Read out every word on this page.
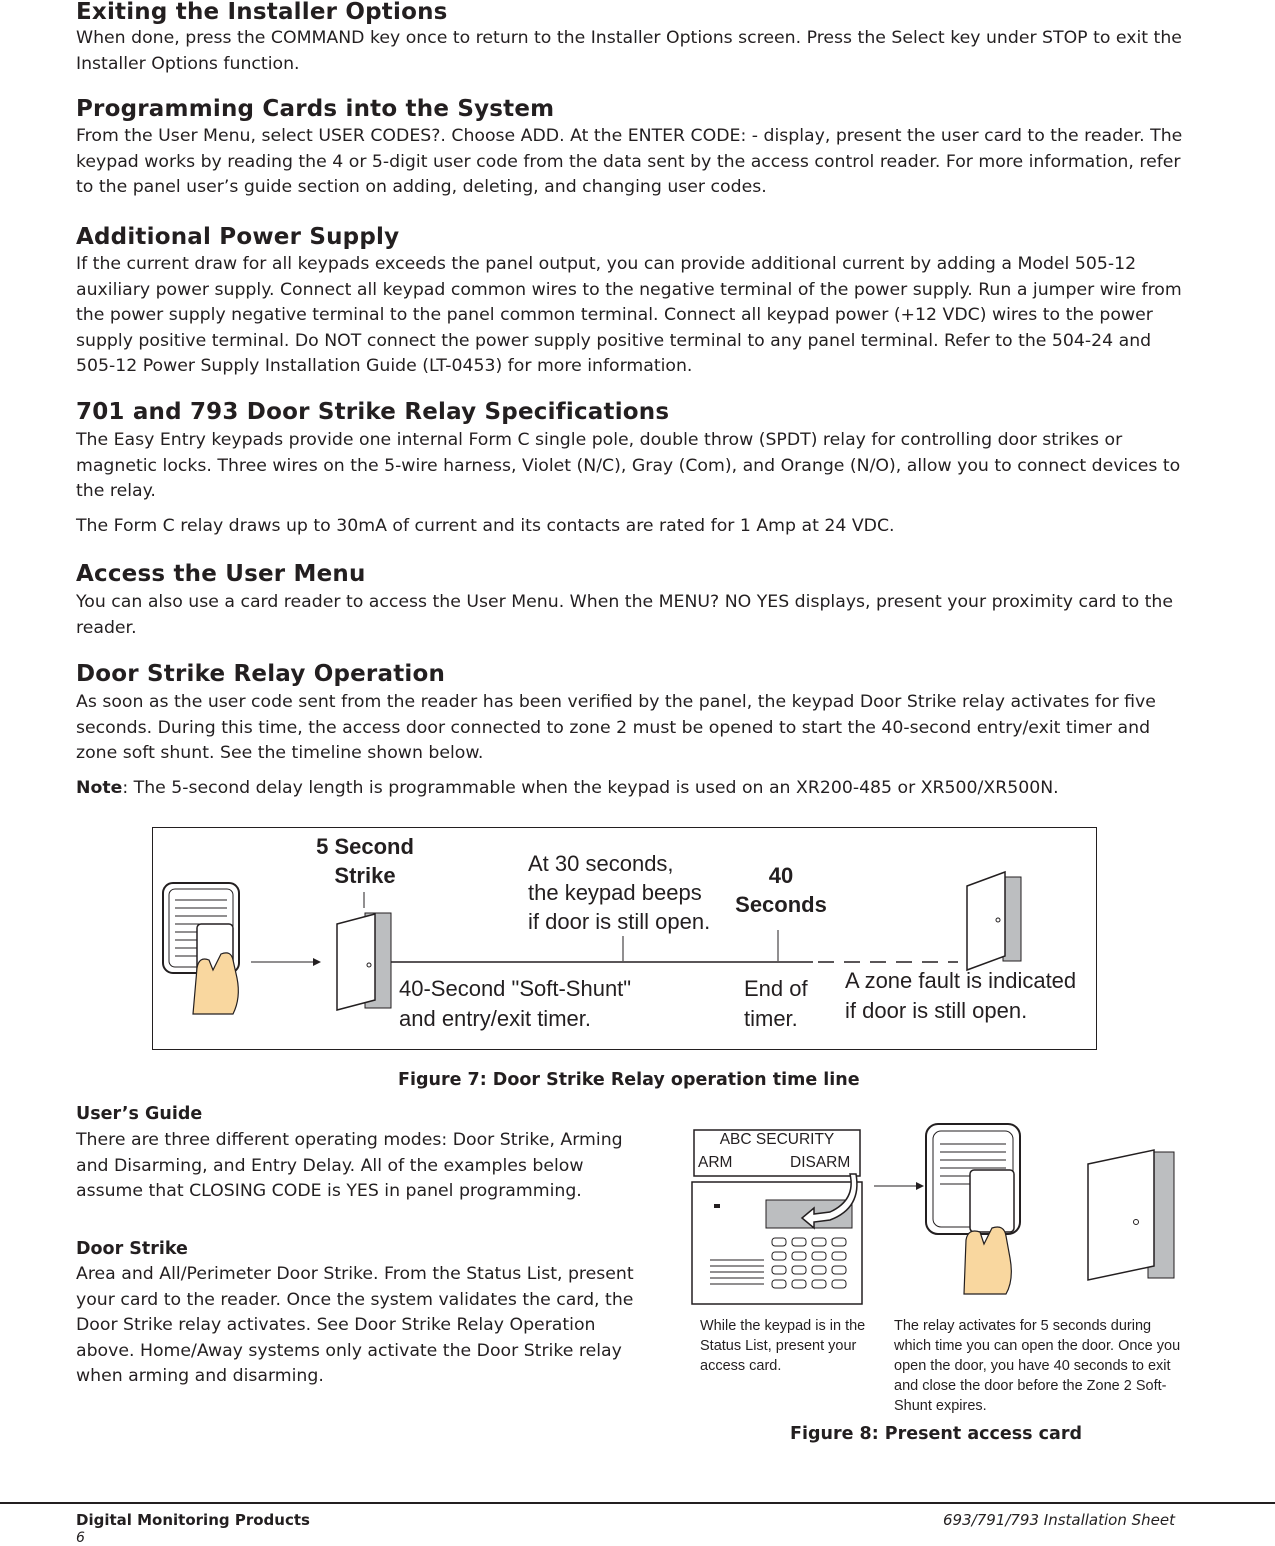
Exiting the Installer Options

When done, press the COMMAND key once to return to the Installer Options screen. Press the Select key under STOP to exit the Installer Options function.

Programming Cards into the System

From the User Menu, select USER CODES?. Choose ADD. At the ENTER CODE: - display, present the user card to the reader. The keypad works by reading the 4 or 5-digit user code from the data sent by the access control reader. For more information, refer to the panel user’s guide section on adding, deleting, and changing user codes.

Additional Power Supply

If the current draw for all keypads exceeds the panel output, you can provide additional current by adding a Model 505-12 auxiliary power supply. Connect all keypad common wires to the negative terminal of the power supply. Run a jumper wire from the power supply negative terminal to the panel common terminal. Connect all keypad power (+12 VDC) wires to the power supply positive terminal. Do NOT connect the power supply positive terminal to any panel terminal. Refer to the 504-24 and 505-12 Power Supply Installation Guide (LT-0453) for more information.

701 and 793 Door Strike Relay Specifications

The Easy Entry keypads provide one internal Form C single pole, double throw (SPDT) relay for controlling door strikes or magnetic locks. Three wires on the 5-wire harness, Violet (N/C), Gray (Com), and Orange (N/O), allow you to connect devices to the relay.

The Form C relay draws up to 30mA of current and its contacts are rated for 1 Amp at 24 VDC.

Access the User Menu

You can also use a card reader to access the User Menu. When the MENU? NO YES displays, present your proximity card to the reader.

Door Strike Relay Operation

As soon as the user code sent from the reader has been verified by the panel, the keypad Door Strike relay activates for five seconds. During this time, the access door connected to zone 2 must be opened to start the 40-second entry/exit timer and zone soft shunt. See the timeline shown below.

Note: The 5-second delay length is programmable when the keypad is used on an XR200-485 or XR500/XR500N.

5 Second
Strike	At 30 seconds,
the keypad beeps
if door is still open.

40
Seconds

40-Second "Soft-Shunt"
and entry/exit timer.

End of
timer.

A zone fault is indicated
if door is still open.

Figure 7: Door Strike Relay operation time line

User’s Guide

There are three different operating modes: Door Strike, Arming and Disarming, and Entry Delay. All of the examples below assume that CLOSING CODE is YES in panel programming.

Door Strike

Area and All/Perimeter Door Strike. From the Status List, present your card to the reader. Once the system validates the card, the Door Strike relay activates. See Door Strike Relay Operation above. Home/Away systems only activate the Door Strike relay when arming and disarming.

ABC SECURITY

ARM	DISARM

While the keypad is in the Status List, present your access card.

The relay activates for 5 seconds during which time you can open the door. Once you open the door, you have 40 seconds to exit and close the door before the Zone 2 Soft-Shunt expires.

Figure 8: Present access card

Digital Monitoring Products

6

693/791/793 Installation Sheet
